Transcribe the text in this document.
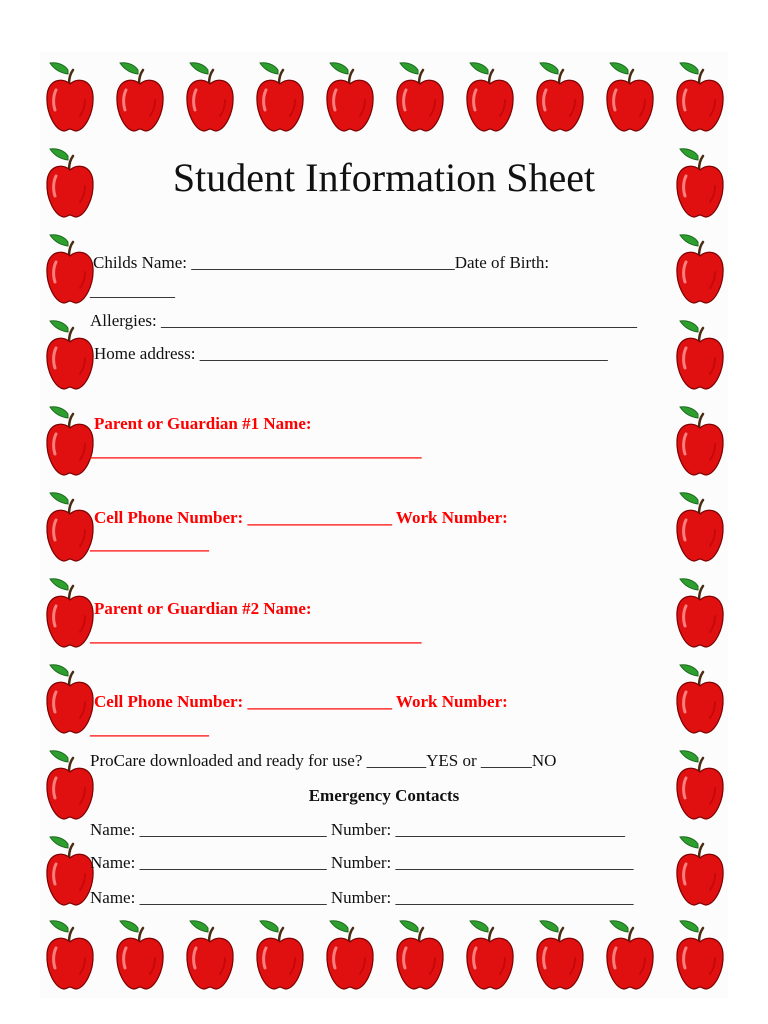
Student Information Sheet

Childs Name: _______________________________Date of Birth:

__________

Allergies: ________________________________________________________

Home address: ________________________________________________

Parent or Guardian #1 Name:

_______________________________________

Cell Phone Number: _________________ Work Number:

______________

Parent or Guardian #2 Name:

_______________________________________

Cell Phone Number: _________________ Work Number:

______________

ProCare downloaded and ready for use? _______YES or ______NO

Emergency Contacts

Name: ______________________ Number: ___________________________

Name: ______________________ Number: ____________________________

Name: ______________________ Number: ____________________________
